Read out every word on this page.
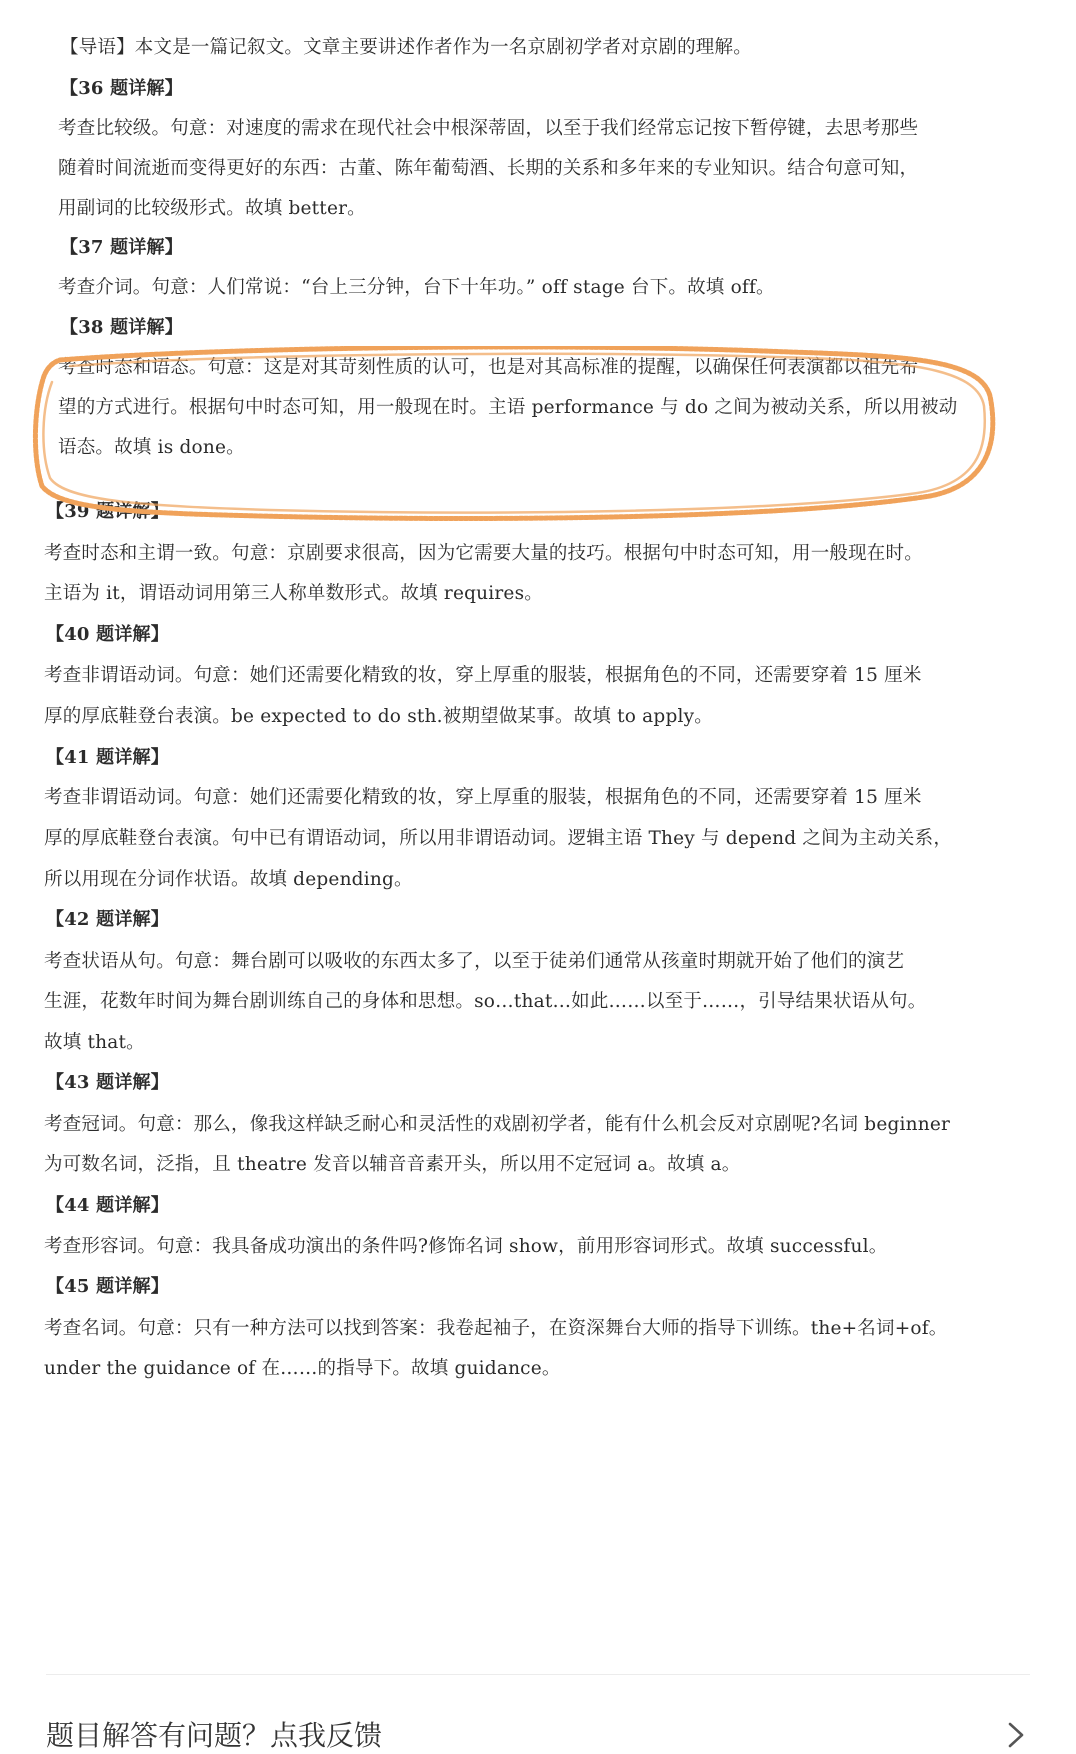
【导语】本文是一篇记叙文。文章主要讲述作者作为一名京剧初学者对京剧的理解。
【36 题详解】
考查比较级。句意：对速度的需求在现代社会中根深蒂固，以至于我们经常忘记按下暂停键，去思考那些
随着时间流逝而变得更好的东西：古董、陈年葡萄酒、长期的关系和多年来的专业知识。结合句意可知，
用副词的比较级形式。故填 better。
【37 题详解】
考查介词。句意：人们常说：“台上三分钟，台下十年功。” off stage 台下。故填 off。
【38 题详解】
考查时态和语态。句意：这是对其苛刻性质的认可，也是对其高标准的提醒，以确保任何表演都以祖先希
望的方式进行。根据句中时态可知，用一般现在时。主语 performance 与 do 之间为被动关系，所以用被动
语态。故填 is done。
【39 题详解】
考查时态和主谓一致。句意：京剧要求很高，因为它需要大量的技巧。根据句中时态可知，用一般现在时。
主语为 it，谓语动词用第三人称单数形式。故填 requires。
【40 题详解】
考查非谓语动词。句意：她们还需要化精致的妆，穿上厚重的服装，根据角色的不同，还需要穿着 15 厘米
厚的厚底鞋登台表演。be expected to do sth.被期望做某事。故填 to apply。
【41 题详解】
考查非谓语动词。句意：她们还需要化精致的妆，穿上厚重的服装，根据角色的不同，还需要穿着 15 厘米
厚的厚底鞋登台表演。句中已有谓语动词，所以用非谓语动词。逻辑主语 They 与 depend 之间为主动关系，
所以用现在分词作状语。故填 depending。
【42 题详解】
考查状语从句。句意：舞台剧可以吸收的东西太多了，以至于徒弟们通常从孩童时期就开始了他们的演艺
生涯，花数年时间为舞台剧训练自己的身体和思想。so…that…如此……以至于……，引导结果状语从句。
故填 that。
【43 题详解】
考查冠词。句意：那么，像我这样缺乏耐心和灵活性的戏剧初学者，能有什么机会反对京剧呢?名词 beginner
为可数名词，泛指，且 theatre 发音以辅音音素开头，所以用不定冠词 a。故填 a。
【44 题详解】
考查形容词。句意：我具备成功演出的条件吗?修饰名词 show，前用形容词形式。故填 successful。
【45 题详解】
考查名词。句意：只有一种方法可以找到答案：我卷起袖子，在资深舞台大师的指导下训练。the+名词+of。
under the guidance of 在……的指导下。故填 guidance。
题目解答有问题？点我反馈
